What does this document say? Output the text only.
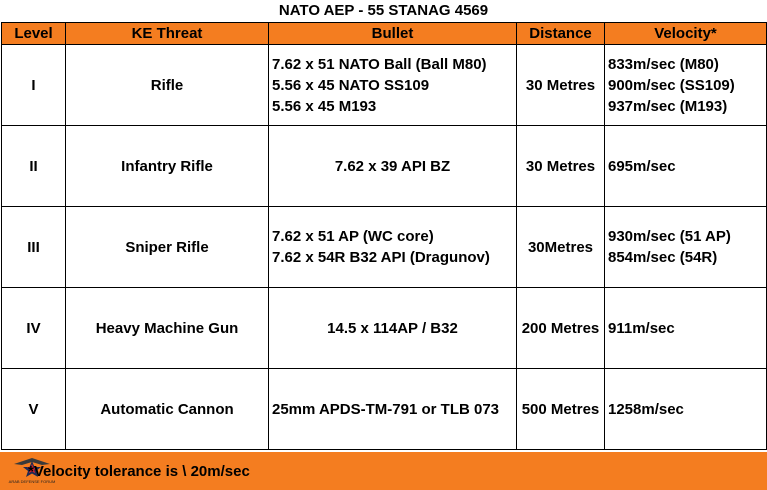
NATO AEP - 55 STANAG 4569
Level	KE Threat	Bullet	Distance	Velocity*
I	Rifle	7.62 x 51 NATO Ball (Ball M80)
5.56 x 45 NATO SS109
5.56 x 45 M193	30 Metres	833m/sec (M80)
900m/sec (SS109)
937m/sec (M193)

II	Infantry Rifle	7.62 x 39 API BZ	30 Metres	695m/sec

III	Sniper Rifle	7.62 x 51 AP (WC core)
7.62 x 54R B32 API (Dragunov)	30Metres	930m/sec (51 AP)
854m/sec (54R)

IV	Heavy Machine Gun	14.5 x 114AP / B32	200 Metres	911m/sec

V	Automatic Cannon	25mm APDS-TM-791 or TLB 073	500 Metres	1258m/sec
ARAB DEFENSE FORUM
*Velocity tolerance is \ 20m/sec
